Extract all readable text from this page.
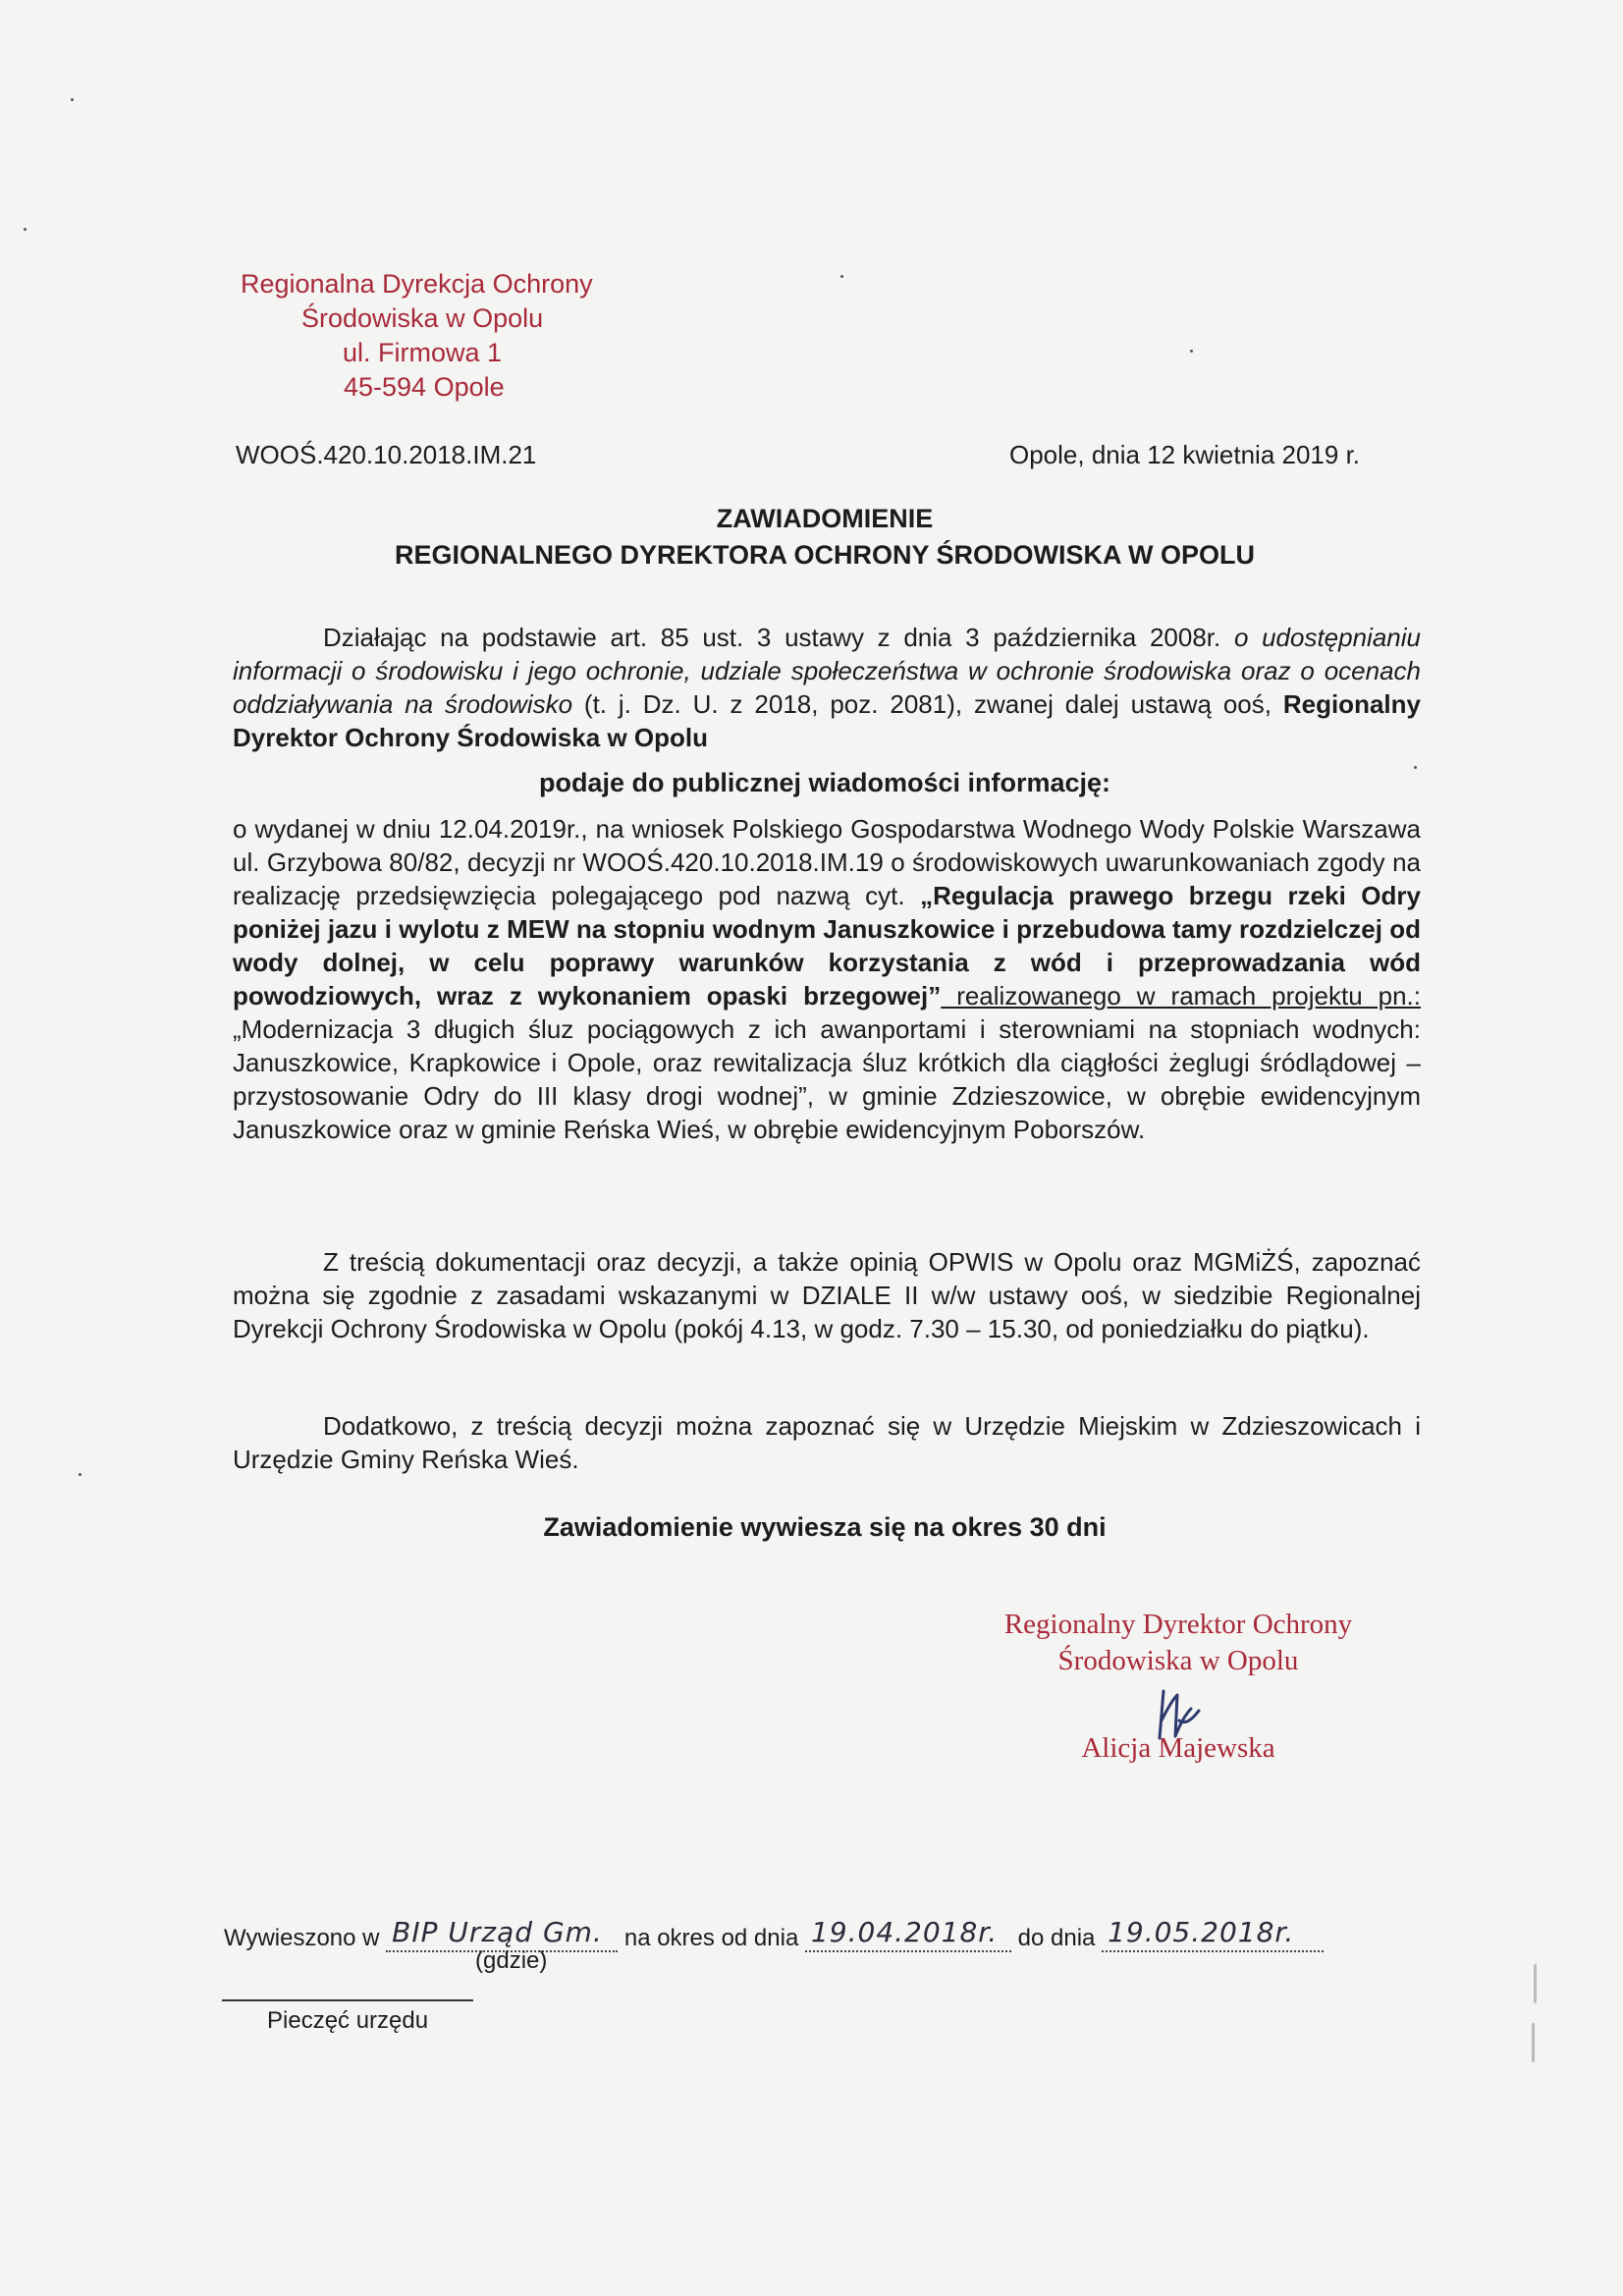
Regionalna Dyrekcja Ochrony
Środowiska w Opolu
ul. Firmowa 1
45-594 Opole
WOOŚ.420.10.2018.IM.21	Opole, dnia 12 kwietnia 2019 r.
ZAWIADOMIENIE
REGIONALNEGO DYREKTORA OCHRONY ŚRODOWISKA W OPOLU

Działając na podstawie art. 85 ust. 3 ustawy z dnia 3 października 2008r. o udostępnianiu informacji o środowisku i jego ochronie, udziale społeczeństwa w ochronie środowiska oraz o ocenach oddziaływania na środowisko (t. j. Dz. U. z 2018, poz. 2081), zwanej dalej ustawą ooś, Regionalny Dyrektor Ochrony Środowiska w Opolu

podaje do publicznej wiadomości informację:

o wydanej w dniu 12.04.2019r., na wniosek Polskiego Gospodarstwa Wodnego Wody Polskie Warszawa ul. Grzybowa 80/82, decyzji nr WOOŚ.420.10.2018.IM.19 o środowiskowych uwarunkowaniach zgody na realizację przedsięwzięcia polegającego pod nazwą cyt. „Regulacja prawego brzegu rzeki Odry poniżej jazu i wylotu z MEW na stopniu wodnym Januszkowice i przebudowa tamy rozdzielczej od wody dolnej, w celu poprawy warunków korzystania z wód i przeprowadzania wód powodziowych, wraz z wykonaniem opaski brzegowej” realizowanego w ramach projektu pn.: „Modernizacja 3 długich śluz pociągowych z ich awanportami i sterowniami na stopniach wodnych: Januszkowice, Krapkowice i Opole, oraz rewitalizacja śluz krótkich dla ciągłości żeglugi śródlądowej – przystosowanie Odry do III klasy drogi wodnej”, w gminie Zdzieszowice, w obrębie ewidencyjnym Januszkowice oraz w gminie Reńska Wieś, w obrębie ewidencyjnym Poborszów.

Z treścią dokumentacji oraz decyzji, a także opinią OPWIS w Opolu oraz MGMiŻŚ, zapoznać można się zgodnie z zasadami wskazanymi w DZIALE II w/w ustawy ooś, w siedzibie Regionalnej Dyrekcji Ochrony Środowiska w Opolu (pokój 4.13, w godz. 7.30 – 15.30, od poniedziałku do piątku).

Dodatkowo, z treścią decyzji można zapoznać się w Urzędzie Miejskim w Zdzieszowicach i Urzędzie Gminy Reńska Wieś.

Zawiadomienie wywiesza się na okres 30 dni
Regionalny Dyrektor Ochrony
Środowiska w Opolu
Alicja Majewska
Wywieszono w BIP Urząd Gm. na okres od dnia 19.04.2018r. do dnia 19.05.2018r.
(gdzie)
Pieczęć urzędu
